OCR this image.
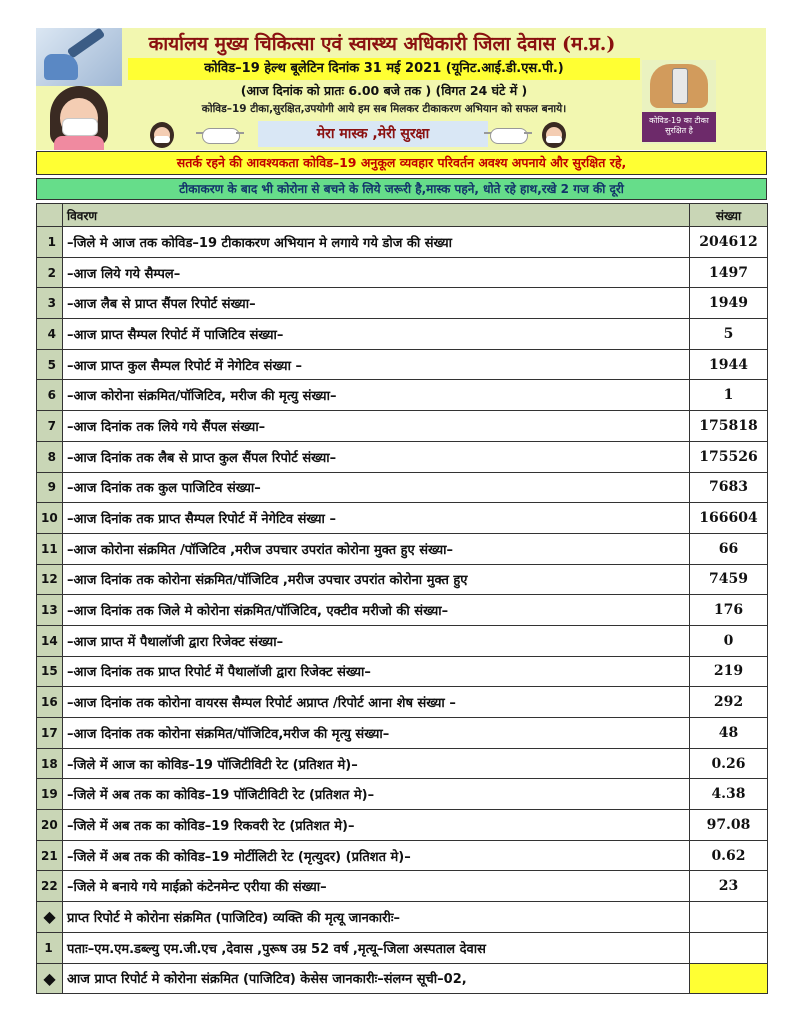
कार्यालय मुख्य चिकित्सा एवं स्वास्थ्य अधिकारी जिला देवास (म.प्र.)
कोविड–19 हेल्थ बूलेटिन दिनांक 31 मई 2021 (यूनिट.आई.डी.एस.पी.)
(आज दिनांक को प्रातः 6.00 बजे तक ) (विगत 24 घंटे में )
कोविड–19 टीका,सुरक्षित,उपयोगी आये हम सब मिलकर टीकाकरण अभियान को सफल बनाये।
मेरा मास्क ,मेरी सुरक्षा
कोविड-19 का टीका सुरक्षित है
सतर्क रहने की आवश्यकता कोविड–19 अनुकूल व्यवहार परिवर्तन अवश्य अपनाये और सुरक्षित रहे,
टीकाकरण के बाद भी कोरोना से बचने के लिये जरूरी है,मास्क पहने, धोते रहे हाथ,रखे 2 गज की दूरी
	विवरण	संख्या
1	–जिले मे आज तक कोविड–19 टीकाकरण अभियान मे लगाये गये डोज की संख्या	204612
2	–आज लिये गये सैम्पल–	1497
3	–आज लैब से प्राप्त सैंपल रिपोर्ट संख्या–	1949
4	–आज प्राप्त सैम्पल रिपोर्ट में पाजिटिव संख्या–	5
5	–आज प्राप्त कुल सैम्पल रिपोर्ट में नेगेटिव संख्या –	1944
6	–आज कोरोना संक्रमित/पॉजिटिव, मरीज की मृत्यु संख्या–	1
7	–आज दिनांक तक लिये गये सैंपल संख्या–	175818
8	–आज दिनांक तक लैब से प्राप्त कुल सैंपल रिपोर्ट संख्या–	175526
9	–आज दिनांक तक कुल पाजिटिव संख्या–	7683
10	–आज दिनांक तक प्राप्त सैम्पल रिपोर्ट में नेगेटिव संख्या –	166604
11	–आज कोरोना संक्रमित /पॉजिटिव ,मरीज उपचार उपरांत कोरोना मुक्त हुए संख्या–	66
12	–आज दिनांक तक कोरोना संक्रमित/पॉजिटिव ,मरीज उपचार उपरांत कोरोना मुक्त हुए	7459
13	–आज दिनांक तक जिले मे कोरोना संक्रमित/पॉजिटिव, एक्टीव मरीजो की संख्या–	176
14	–आज प्राप्त में पैथालॉजी द्वारा रिजेक्ट संख्या–	0
15	–आज दिनांक तक प्राप्त रिपोर्ट में पैथालॉजी द्वारा रिजेक्ट संख्या–	219
16	–आज दिनांक तक कोरोना वायरस सैम्पल रिपोर्ट अप्राप्त /रिपोर्ट आना शेष संख्या –	292
17	–आज दिनांक तक कोरोना संक्रमित/पॉजिटिव,मरीज की मृत्यु संख्या–	48
18	–जिले में आज का कोविड–19 पॉजिटीविटी रेट (प्रतिशत मे)–	0.26
19	–जिले में अब तक का कोविड–19 पॉजिटीविटी रेट (प्रतिशत मे)–	4.38
20	–जिले में अब तक का कोविड–19 रिकवरी रेट (प्रतिशत मे)–	97.08
21	–जिले में अब तक की कोविड–19 मोर्टीलिटी रेट (मृत्युदर) (प्रतिशत मे)–	0.62
22	–जिले मे बनाये गये माईक्रो कंटेनमेन्ट एरीया की संख्या–	23
◆	प्राप्त रिपोर्ट मे कोरोना संक्रमित (पाजिटिव) व्यक्ति की मृत्यू जानकारीः–	
1	पताः–एम.एम.डब्ल्यु एम.जी.एच ,देवास ,पुरूष उम्र 52 वर्ष ,मृत्यू–जिला अस्पताल देवास	
◆	आज प्राप्त रिपोर्ट मे कोरोना संक्रमित (पाजिटिव) केसेस जानकारीः–संलग्न सूची–02,	
